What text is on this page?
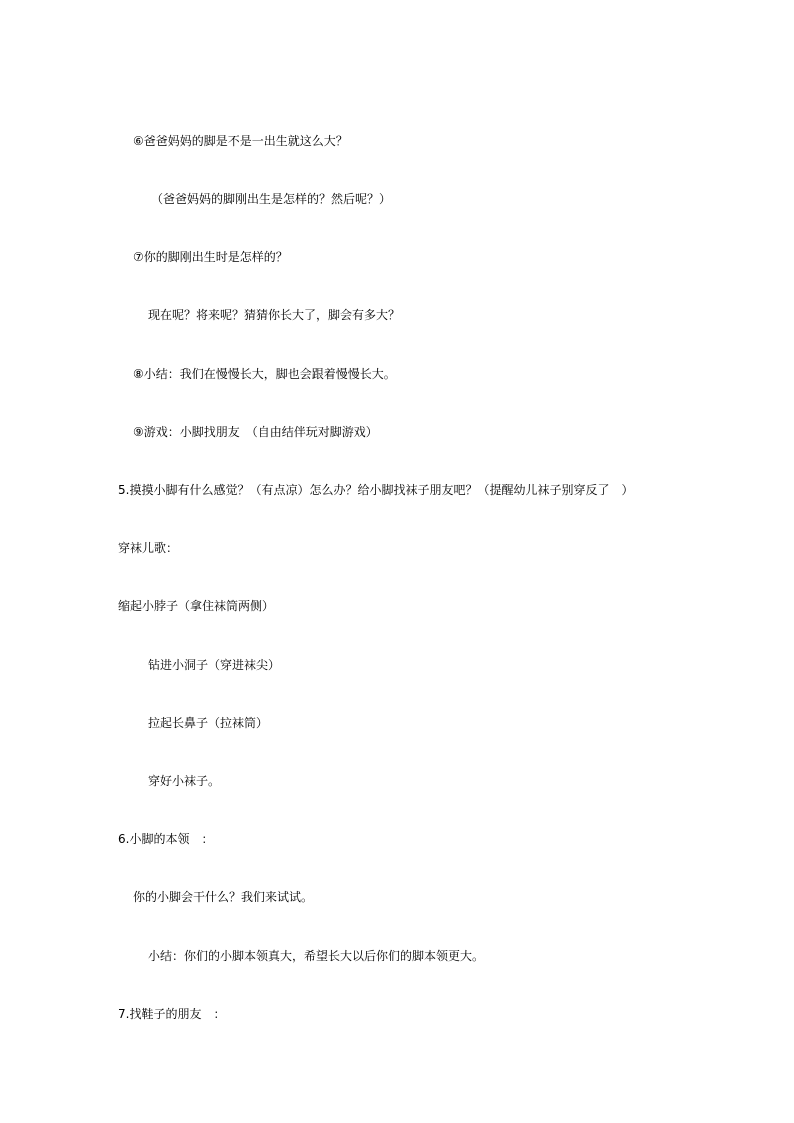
⑥爸爸妈妈的脚是不是一出生就这么大？
（爸爸妈妈的脚刚出生是怎样的？然后呢？）
⑦你的脚刚出生时是怎样的？
现在呢？将来呢？猜猜你长大了，脚会有多大？
⑧小结：我们在慢慢长大，脚也会跟着慢慢长大。
⑨游戏：小脚找朋友　（自由结伴玩对脚游戏）
5.摸摸小脚有什么感觉？（有点凉）怎么办？给小脚找袜子朋友吧？（提醒幼儿袜子别穿反了　）
穿袜儿歌：
缩起小脖子（拿住袜筒两侧）
钻进小洞子（穿进袜尖）
拉起长鼻子（拉袜筒）
穿好小袜子。
6.小脚的本领　：
你的小脚会干什么？我们来试试。
小结：你们的小脚本领真大，希望长大以后你们的脚本领更大。
7.找鞋子的朋友　：
